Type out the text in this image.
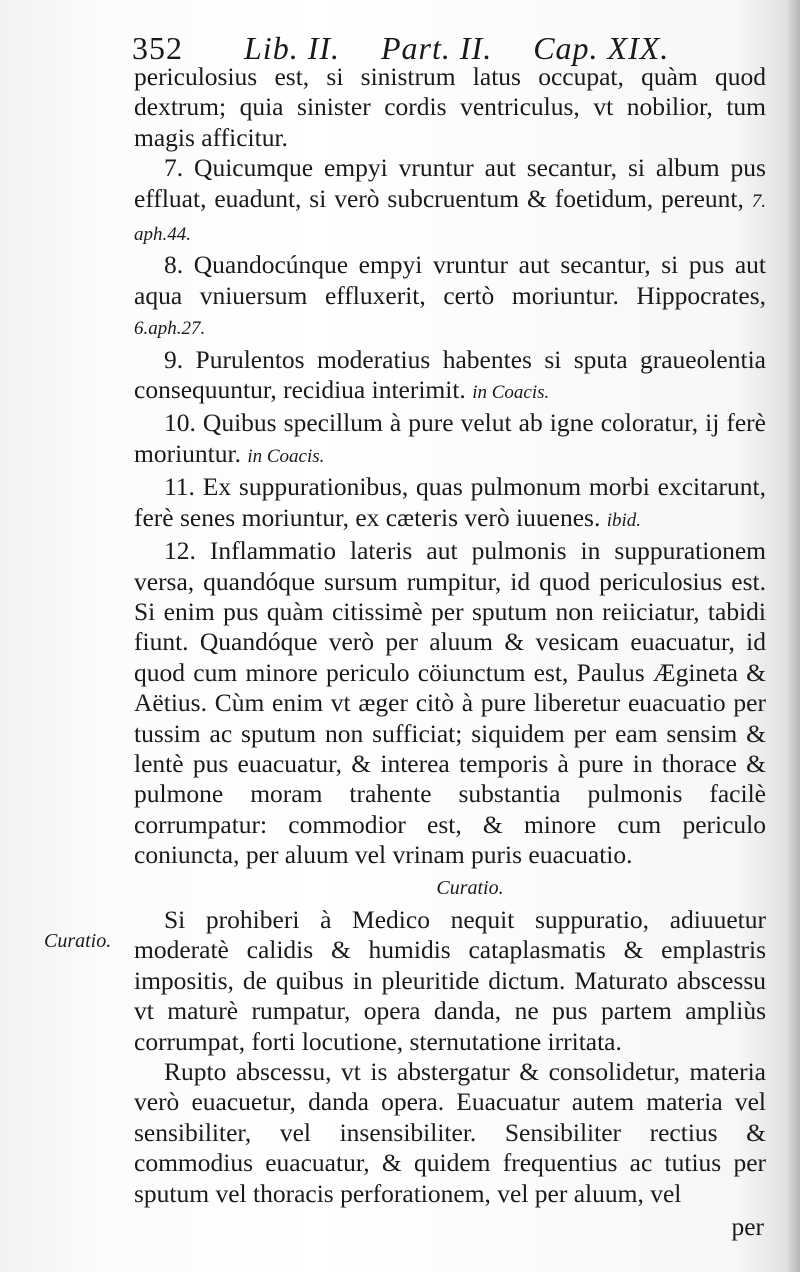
352 Lib. II. Part. II. Cap. XIX.

periculosius est, si sinistrum latus occupat, quàm quod dextrum; quia sinister cordis ventriculus, vt nobilior, tum magis afficitur.

7. Quicumque empyi vruntur aut secantur, si album pus effluat, euadunt, si verò subcruentum & foetidum, pereunt, 7. aph.44.

8. Quandocúnque empyi vruntur aut secantur, si pus aut aqua vniuersum effluxerit, certò moriuntur. Hippocrates, 6.aph.27.

9. Purulentos moderatius habentes si sputa graueolentia consequuntur, recidiua interimit. in Coacis.

10. Quibus specillum à pure velut ab igne coloratur, ij ferè moriuntur. in Coacis.

11. Ex suppurationibus, quas pulmonum morbi excitarunt, ferè senes moriuntur, ex cæteris verò iuuenes. ibid.

12. Inflammatio lateris aut pulmonis in suppurationem versa, quandóque sursum rumpitur, id quod periculosius est. Si enim pus quàm citissimè per sputum non reiiciatur, tabidi fiunt. Quandóque verò per aluum & vesicam euacuatur, id quod cum minore periculo cöiunctum est, Paulus Ægineta & Aëtius. Cùm enim vt æger citò à pure liberetur euacuatio per tussim ac sputum non sufficiat; siquidem per eam sensim & lentè pus euacuatur, & interea temporis à pure in thorace & pulmone moram trahente substantia pulmonis facilè corrumpatur: commodior est, & minore cum periculo coniuncta, per aluum vel vrinam puris euacuatio.

Curatio.

Si prohiberi à Medico nequit suppuratio, adiuuetur moderatè calidis & humidis cataplasmatis & emplastris impositis, de quibus in pleuritide dictum. Maturato abscessu vt maturè rumpatur, opera danda, ne pus partem ampliùs corrumpat, forti locutione, sternutatione irritata.

Rupto abscessu, vt is abstergatur & consolidetur, materia verò euacuetur, danda opera. Euacuatur autem materia vel sensibiliter, vel insensibiliter. Sensibiliter rectius & commodius euacuatur, & quidem frequentius ac tutius per sputum vel thoracis perforationem, vel per aluum, vel

Curatio.
per
